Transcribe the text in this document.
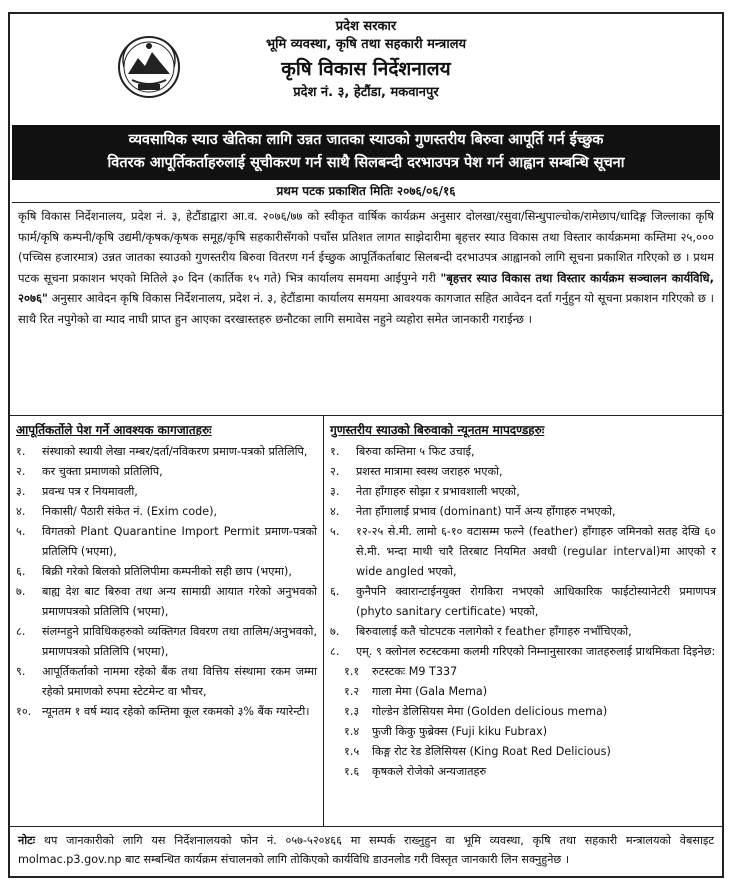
प्रदेश सरकार
भूमि व्यवस्था, कृषि तथा सहकारी मन्त्रालय
कृषि विकास निर्देशनालय
प्रदेश नं. ३, हेटौंडा, मकवानपुर
व्यवसायिक स्याउ खेतिका लागि उन्नत जातका स्याउको गुणस्तरीय बिरुवा आपूर्ति गर्न ईच्छुक
वितरक आपूर्तिकर्ताहरुलाई सूचीकरण गर्न साथै सिलबन्दी दरभाउपत्र पेश गर्न आह्वान सम्बन्धि सूचना
प्रथम पटक प्रकाशित मितिः २०७६/०६/१६
कृषि विकास निर्देशनालय, प्रदेश नं. ३, हेटौंडाद्वारा आ.व. २०७६/७७ को स्वीकृत वार्षिक कार्यक्रम अनुसार दोलखा/रसुवा/सिन्धुपाल्चोक/रामेछाप/धादिङ्ग जिल्लाका कृषि फार्म/कृषि कम्पनी/कृषि उद्यमी/कृषक/कृषक समूह/कृषि सहकारीसँगको पचाँस प्रतिशत लागत साझेदारीमा बृहत्तर स्याउ विकास तथा विस्तार कार्यक्रममा कम्तिमा २५,००० (पच्चिस हजारमात्र) उन्नत जातका स्याउको गुणस्तरीय बिरुवा वितरण गर्न ईच्छुक आपूर्तिकर्ताबाट सिलबन्दी दरभाउपत्र आह्वानको लागि सूचना प्रकाशित गरिएको छ । प्रथम पटक सूचना प्रकाशन भएको मितिले ३० दिन (कार्तिक १५ गते) भित्र कार्यालय समयमा आईपुग्ने गरी "बृहत्तर स्याउ विकास तथा विस्तार कार्यक्रम सञ्चालन कार्यविधि, २०७६" अनुसार आवेदन कृषि विकास निर्देशनालय, प्रदेश नं. ३, हेटौंडामा कार्यालय समयमा आवश्यक कागजात सहित आवेदन दर्ता गर्नुहुन यो सूचना प्रकाशन गरिएको छ । साथै रित नपुगेको वा म्याद नाघी प्राप्त हुन आएका दरखास्तहरु छनौटका लागि समावेस नहुने व्यहोरा समेत जानकारी गराईन्छ ।
आपूर्तिकर्तोले पेश गर्ने आवश्यक कागजातहरुः
१.	संस्थाको स्थायी लेखा नम्बर/दर्ता/नविकरण प्रमाण-पत्रको प्रतिलिपि,
२.	कर चुक्ता प्रमाणको प्रतिलिपि,
३.	प्रवन्ध पत्र र नियमावली,
४.	निकासी/ पैठारी संकेत नं. (Exim code),
५.	विगतको Plant Quarantine Import Permit प्रमाण-पत्रको प्रतिलिपि (भएमा),
६.	बिक्री गरेको बिलको प्रतिलिपीमा कम्पनीको सही छाप (भएमा),
७.	बाह्य देश बाट बिरुवा तथा अन्य सामाग्री आयात गरेको अनुभवको प्रमाणपत्रको प्रतिलिपि (भएमा),
८.	संलग्नहुने प्राविधिकहरुको व्यक्तिगत विवरण तथा तालिम/अनुभवको, प्रमाणपत्रको प्रतिलिपि (भएमा),
९.	आपूर्तिकर्ताको नाममा रहेको बैंक तथा वित्तिय संस्थामा रकम जम्मा रहेको प्रमाणको रुपमा स्टेटमेन्ट वा भौचर,
१०. न्यूनतम १ वर्ष म्याद रहेको कम्तिमा कूल रकमको ३% बैंक ग्यारेन्टी।
गुणस्तरीय स्याउको बिरुवाको न्यूनतम मापदण्डहरुः
१.	बिरुवा कम्तिमा ५ फिट उचाई,
२.	प्रशस्त मात्रामा स्वस्थ जराहरु भएको,
३.	नेता हाँगाहरु सोझा र प्रभावशाली भएको,
४.	नेता हाँगालाई प्रभाव (dominant) पार्ने अन्य हाँगाहरु नभएको,
५.	१२-२५ से.मी. लामो ६-१० वटासम्म फल्ने (feather) हाँगाहरु जमिनको सतह देखि ६० से.मी. भन्दा माथी चारै तिरबाट नियमित अवधी (regular interval)मा आएको र wide angled भएको,
६.	कुनैपनि क्वारान्टाईनयुक्त रोगकिरा नभएको आधिकारिक फाईटोस्यानेटरी प्रमाणपत्र (phyto sanitary certificate) भएको,
७.	बिरुवालाई कतै चोटपटक नलागेको र feather हाँगाहरु नभाँचिएको,
८.	एम्. ९ क्लोनल रुटस्टकमा कलमी गरिएको निम्नानुसारका जातहरुलाई प्राथमिकता दिइनेछ:
१.१	रुटस्टकः M9 T337
१.२	गाला मेमा (Gala Mema)
१.३	गोल्डेन डेलिसियस मेमा (Golden delicious mema)
१.४	फुजी किकु फुब्रेक्स (Fuji kiku Fubrax)
१.५	किङ्ग रोट रेड डेलिसियस (King Roat Red Delicious)
१.६	कृषकले रोजेको अन्यजातहरु
नोटः थप जानकारीको लागि यस निर्देशनालयको फोन नं. ०५७-५२०४६६ मा सम्पर्क राख्नुहुन वा भूमि व्यवस्था, कृषि तथा सहकारी मन्त्रालयको वेबसाइट molmac.p3.gov.np बाट सम्बन्धित कार्यक्रम संचालनको लागि तोकिएको कार्यविधि डाउनलोड गरी विस्तृत जानकारी लिन सक्नुहुनेछ ।
